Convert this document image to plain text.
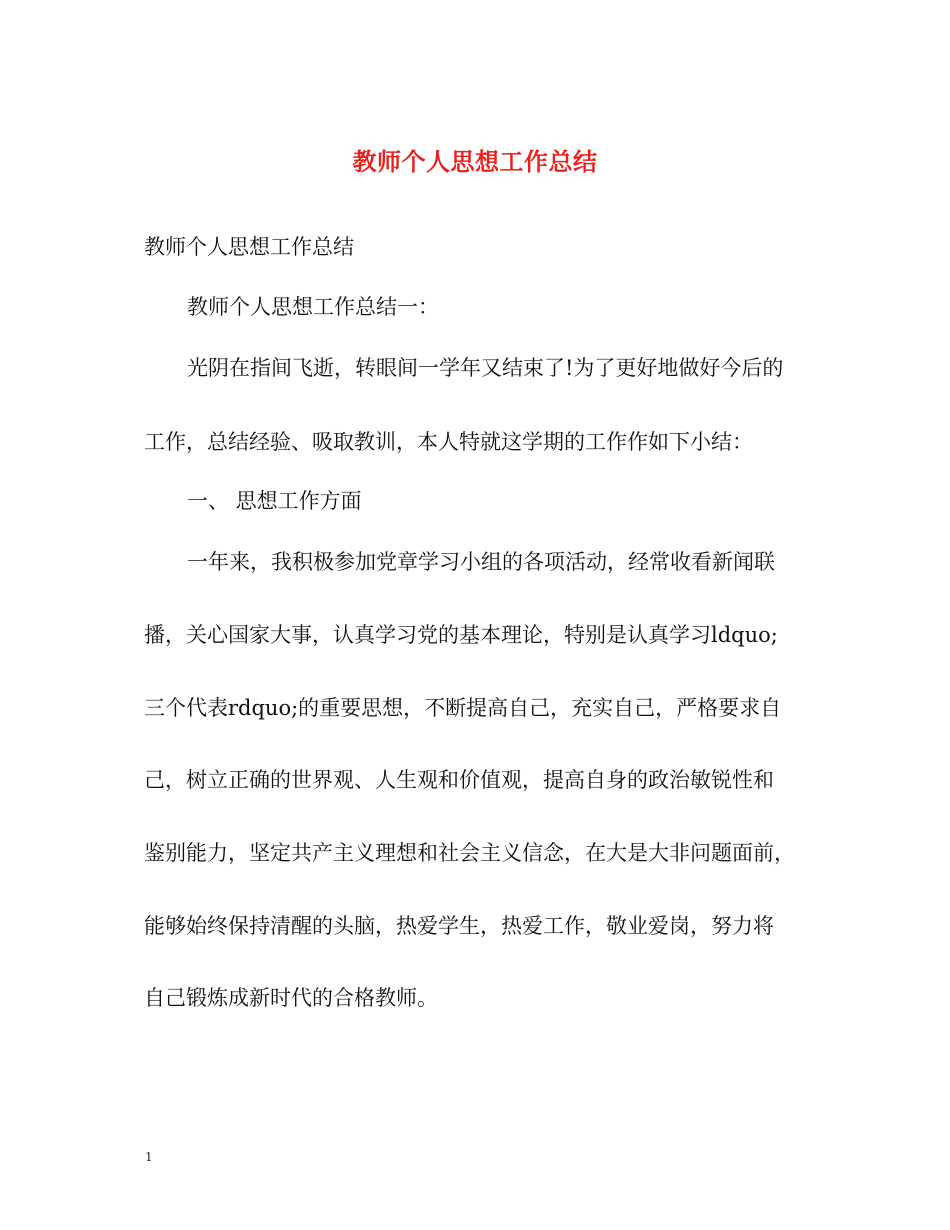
教师个人思想工作总结
教师个人思想工作总结
教师个人思想工作总结一：
光阴在指间飞逝，转眼间一学年又结束了!为了更好地做好今后的
工作，总结经验、吸取教训，本人特就这学期的工作作如下小结：
一、 思想工作方面
一年来，我积极参加党章学习小组的各项活动，经常收看新闻联
播，关心国家大事，认真学习党的基本理论，特别是认真学习ldquo;
三个代表rdquo;的重要思想，不断提高自己，充实自己，严格要求自
己，树立正确的世界观、人生观和价值观，提高自身的政治敏锐性和
鉴别能力，坚定共产主义理想和社会主义信念，在大是大非问题面前，
能够始终保持清醒的头脑，热爱学生，热爱工作，敬业爱岗，努力将
自己锻炼成新时代的合格教师。
1
